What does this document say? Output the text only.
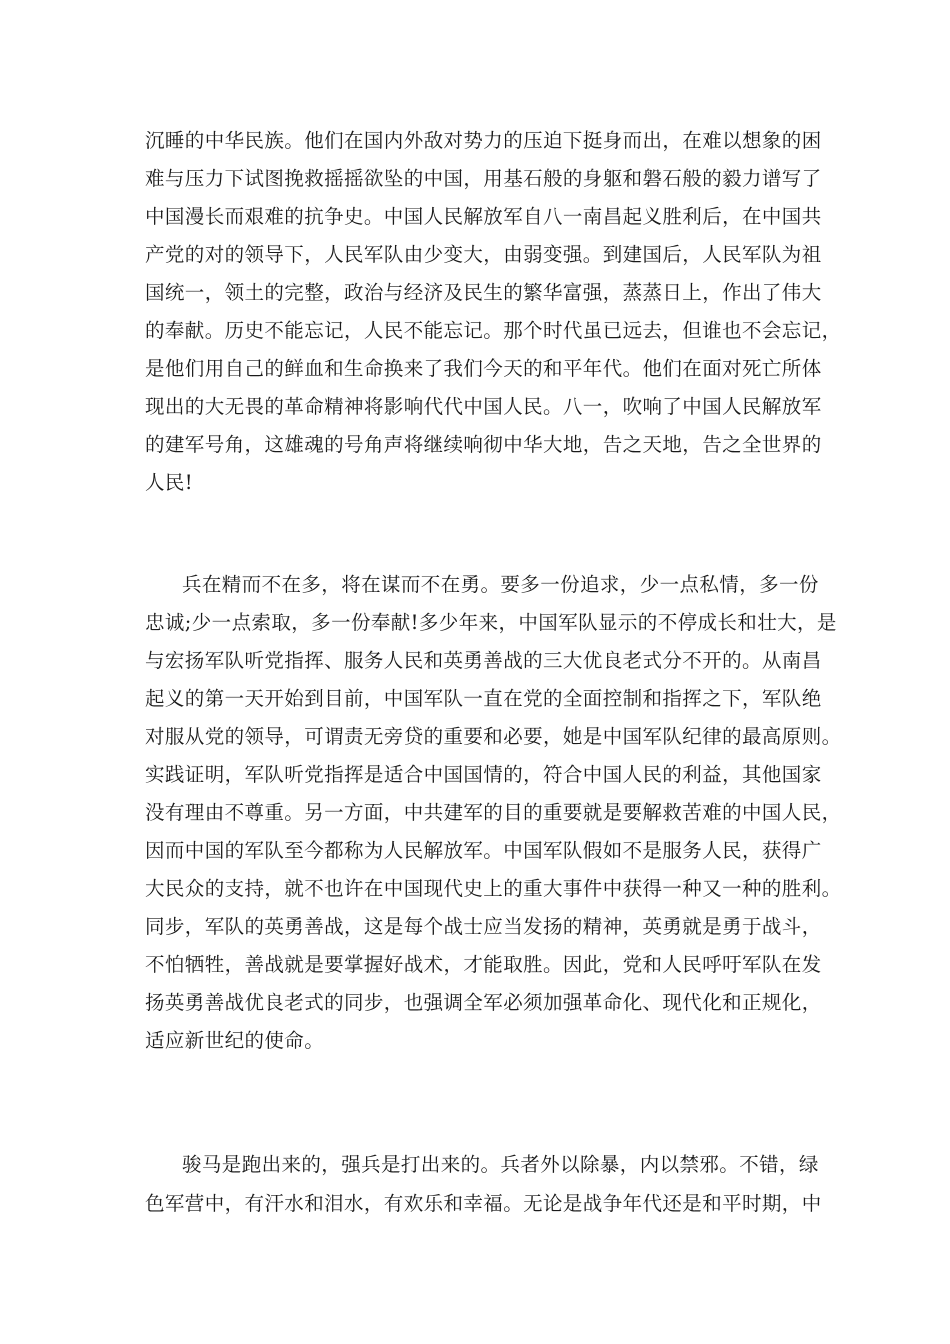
沉睡的中华民族。他们在国内外敌对势力的压迫下挺身而出，在难以想象的困
难与压力下试图挽救摇摇欲坠的中国，用基石般的身躯和磐石般的毅力谱写了
中国漫长而艰难的抗争史。中国人民解放军自八一南昌起义胜利后，在中国共
产党的对的领导下，人民军队由少变大，由弱变强。到建国后，人民军队为祖
国统一，领土的完整，政治与经济及民生的繁华富强，蒸蒸日上，作出了伟大
的奉献。历史不能忘记，人民不能忘记。那个时代虽已远去，但谁也不会忘记，
是他们用自己的鲜血和生命换来了我们今天的和平年代。他们在面对死亡所体
现出的大无畏的革命精神将影响代代中国人民。八一，吹响了中国人民解放军
的建军号角，这雄魂的号角声将继续响彻中华大地，告之天地，告之全世界的
人民!
兵在精而不在多，将在谋而不在勇。要多一份追求，少一点私情，多一份
忠诚;少一点索取，多一份奉献!多少年来，中国军队显示的不停成长和壮大，是
与宏扬军队听党指挥、服务人民和英勇善战的三大优良老式分不开的。从南昌
起义的第一天开始到目前，中国军队一直在党的全面控制和指挥之下，军队绝
对服从党的领导，可谓责无旁贷的重要和必要，她是中国军队纪律的最高原则。
实践证明，军队听党指挥是适合中国国情的，符合中国人民的利益，其他国家
没有理由不尊重。另一方面，中共建军的目的重要就是要解救苦难的中国人民，
因而中国的军队至今都称为人民解放军。中国军队假如不是服务人民，获得广
大民众的支持，就不也许在中国现代史上的重大事件中获得一种又一种的胜利。
同步，军队的英勇善战，这是每个战士应当发扬的精神，英勇就是勇于战斗，
不怕牺牲，善战就是要掌握好战术，才能取胜。因此，党和人民呼吁军队在发
扬英勇善战优良老式的同步，也强调全军必须加强革命化、现代化和正规化，
适应新世纪的使命。
骏马是跑出来的，强兵是打出来的。兵者外以除暴，内以禁邪。不错，绿
色军营中，有汗水和泪水，有欢乐和幸福。无论是战争年代还是和平时期，中
